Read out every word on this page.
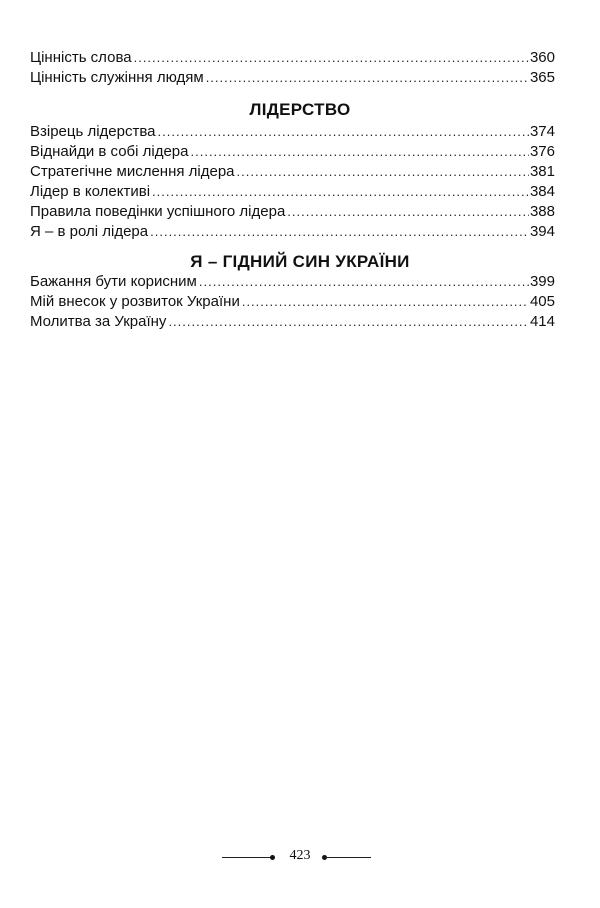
Цінність слова .....	360
Цінність служіння людям .....	365
ЛІДЕРСТВО
Взірець лідерства .....	374
Віднайди в собі лідера .....	376
Стратегічне мислення лідера .....	381
Лідер в колективі .....	384
Правила поведінки успішного лідера .....	388
Я – в ролі лідера .....	394
Я – ГІДНИЙ СИН УКРАЇНИ
Бажання бути корисним .....	399
Мій внесок у розвиток України .....	405
Молитва за Україну .....	414
423
